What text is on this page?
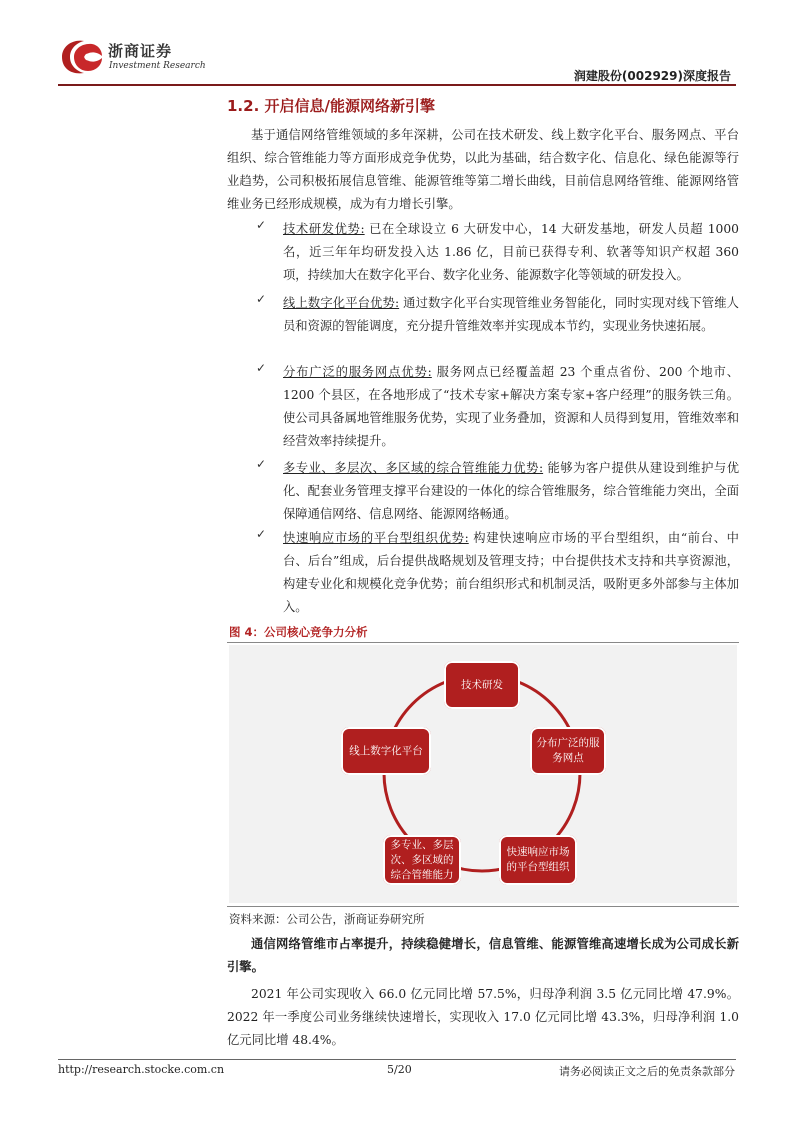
浙商证券
Investment Research
润建股份(002929)深度报告
1.2. 开启信息/能源网络新引擎
基于通信网络管维领域的多年深耕，公司在技术研发、线上数字化平台、服务网点、平台组织、综合管维能力等方面形成竞争优势，以此为基础，结合数字化、信息化、绿色能源等行业趋势，公司积极拓展信息管维、能源管维等第二增长曲线，目前信息网络管维、能源网络管维业务已经形成规模，成为有力增长引擎。
✓ 技术研发优势: 已在全球设立 6 大研发中心，14 大研发基地，研发人员超 1000 名，近三年年均研发投入达 1.86 亿，目前已获得专利、软著等知识产权超 360 项，持续加大在数字化平台、数字化业务、能源数字化等领域的研发投入。
✓ 线上数字化平台优势: 通过数字化平台实现管维业务智能化，同时实现对线下管维人员和资源的智能调度，充分提升管维效率并实现成本节约，实现业务快速拓展。
✓ 分布广泛的服务网点优势: 服务网点已经覆盖超 23 个重点省份、200 个地市、1200 个县区，在各地形成了“技术专家+解决方案专家+客户经理”的服务铁三角。使公司具备属地管维服务优势，实现了业务叠加，资源和人员得到复用，管维效率和经营效率持续提升。
✓ 多专业、多层次、多区域的综合管维能力优势: 能够为客户提供从建设到维护与优化、配套业务管理支撑平台建设的一体化的综合管维服务，综合管维能力突出，全面保障通信网络、信息网络、能源网络畅通。
✓ 快速响应市场的平台型组织优势: 构建快速响应市场的平台型组织，由“前台、中台、后台”组成，后台提供战略规划及管理支持；中台提供技术支持和共享资源池，构建专业化和规模化竞争优势；前台组织形式和机制灵活，吸附更多外部参与主体加入。
图 4：公司核心竞争力分析
技术研发
分布广泛的服务网点
快速响应市场的平台型组织
多专业、多层次、多区域的综合管维能力
线上数字化平台
资料来源：公司公告，浙商证券研究所
通信网络管维市占率提升，持续稳健增长，信息管维、能源管维高速增长成为公司成长新引擎。
2021 年公司实现收入 66.0 亿元同比增 57.5%，归母净利润 3.5 亿元同比增 47.9%。2022 年一季度公司业务继续快速增长，实现收入 17.0 亿元同比增 43.3%，归母净利润 1.0 亿元同比增 48.4%。
http://research.stocke.com.cn	5/20	请务必阅读正文之后的免责条款部分
